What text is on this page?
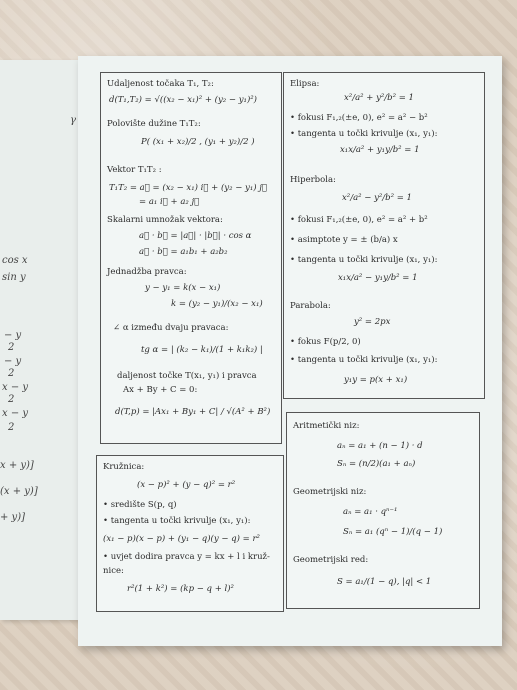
γ
cos x
sin y
− y
2
− y
2
x − y
2
x − y
2
x + y)]
(x + y)]
+ y)]
Udaljenost točaka T₁, T₂:
d(T₁,T₂) = √((x₂ − x₁)² + (y₂ − y₁)²)
Polovište dužine T₁T₂:
P( (x₁ + x₂)/2 , (y₁ + y₂)/2 )
Vektor T₁T₂ :
T₁T₂ = a⃗ = (x₂ − x₁) i⃗ + (y₂ − y₁) j⃗
= a₁ i⃗ + a₂ j⃗
Skalarni umnožak vektora:
a⃗ · b⃗ = |a⃗| · |b⃗| · cos α
a⃗ · b⃗ = a₁b₁ + a₂b₂
Jednadžba pravca:
y − y₁ = k(x − x₁)
k = (y₂ − y₁)/(x₂ − x₁)
∠ α između dvaju pravaca:
tg α = | (k₂ − k₁)/(1 + k₁k₂) |
daljenost točke T(x₁, y₁) i pravca
Ax + By + C = 0:
d(T,p) = |Ax₁ + By₁ + C| / √(A² + B²)
Kružnica:
(x − p)² + (y − q)² = r²
• središte S(p, q)
• tangenta u točki krivulje (x₁, y₁):
(x₁ − p)(x − p) + (y₁ − q)(y − q) = r²
• uvjet dodira pravca y = kx + l i kruž-
nice:
r²(1 + k²) = (kp − q + l)²
Elipsa:
x²/a² + y²/b² = 1
• fokusi F₁,₂(±e, 0), e² = a² − b²
• tangenta u točki krivulje (x₁, y₁):
x₁x/a² + y₁y/b² = 1
Hiperbola:
x²/a² − y²/b² = 1
• fokusi F₁,₂(±e, 0), e² = a² + b²
• asimptote y = ± (b/a) x
• tangenta u točki krivulje (x₁, y₁):
x₁x/a² − y₁y/b² = 1
Parabola:
y² = 2px
• fokus F(p/2, 0)
• tangenta u točki krivulje (x₁, y₁):
y₁y = p(x + x₁)
Aritmetički niz:
aₙ = a₁ + (n − 1) · d
Sₙ = (n/2)(a₁ + aₙ)
Geometrijski niz:
aₙ = a₁ · qⁿ⁻¹
Sₙ = a₁ (qⁿ − 1)/(q − 1)
Geometrijski red:
S = a₁/(1 − q), |q| < 1
